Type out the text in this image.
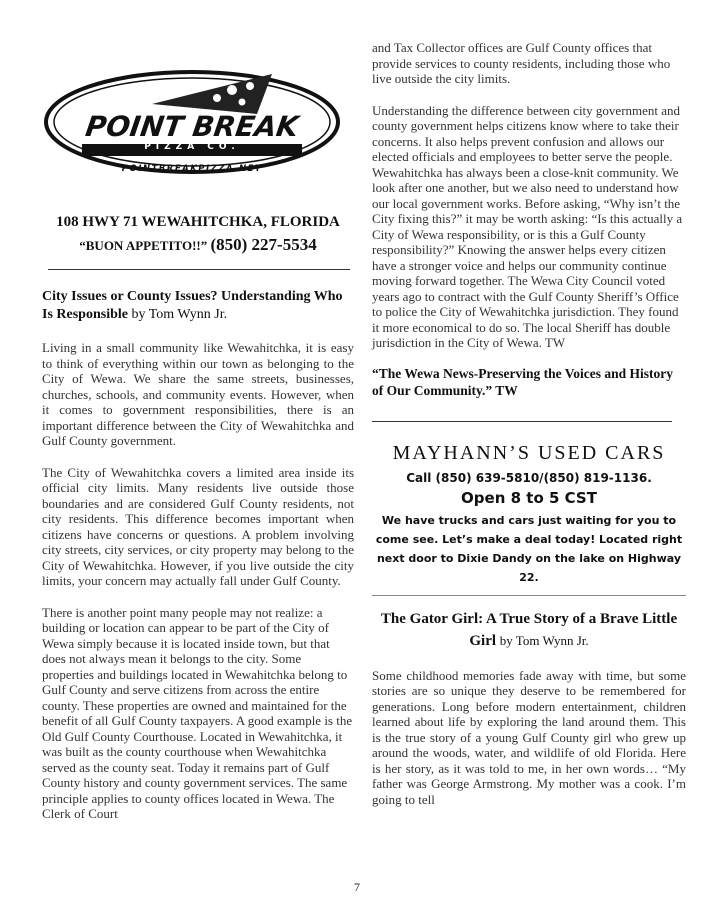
POINT BREAK
PIZZA CO.
POINTBREAKPIZZA.NET
108 HWY 71 WEWAHITCHKA, FLORIDA
“BUON APPETITO!!” (850) 227-5534
City Issues or County Issues? Understanding Who Is Responsible by Tom Wynn Jr.

Living in a small community like Wewahitchka, it is easy to think of everything within our town as belonging to the City of Wewa. We share the same streets, businesses, churches, schools, and community events. However, when it comes to government responsibilities, there is an important difference between the City of Wewahitchka and Gulf County government.

The City of Wewahitchka covers a limited area inside its official city limits. Many residents live outside those boundaries and are considered Gulf County residents, not city residents. This difference becomes important when citizens have concerns or questions. A problem involving city streets, city services, or city property may belong to the City of Wewahitchka. However, if you live outside the city limits, your concern may actually fall under Gulf County.

There is another point many people may not realize: a building or location can appear to be part of the City of Wewa simply because it is located inside town, but that does not always mean it belongs to the city. Some properties and buildings located in Wewahitchka belong to Gulf County and serve citizens from across the entire county. These properties are owned and maintained for the benefit of all Gulf County taxpayers. A good example is the Old Gulf County Courthouse. Located in Wewahitchka, it was built as the county courthouse when Wewahitchka served as the county seat. Today it remains part of Gulf County history and county government services. The same principle applies to county offices located in Wewa. The Clerk of Court

and Tax Collector offices are Gulf County offices that provide services to county residents, including those who live outside the city limits.

Understanding the difference between city government and county government helps citizens know where to take their concerns. It also helps prevent confusion and allows our elected officials and employees to better serve the people. Wewahitchka has always been a close-knit community. We look after one another, but we also need to understand how our local government works. Before asking, “Why isn’t the City fixing this?” it may be worth asking: “Is this actually a City of Wewa responsibility, or is this a Gulf County responsibility?” Knowing the answer helps every citizen have a stronger voice and helps our community continue moving forward together. The Wewa City Council voted years ago to contract with the Gulf County Sheriff’s Office to police the City of Wewahitchka jurisdiction. They found it more economical to do so. The local Sheriff has double jurisdiction in the City of Wewa. TW

“The Wewa News-Preserving the Voices and History of Our Community.” TW
MAYHANN’S USED CARS
Call (850) 639-5810/(850) 819-1136.
Open 8 to 5 CST
We have trucks and cars just waiting for you to come see. Let’s make a deal today! Located right next door to Dixie Dandy on the lake on Highway 22.
The Gator Girl: A True Story of a Brave Little Girl by Tom Wynn Jr.

Some childhood memories fade away with time, but some stories are so unique they deserve to be remembered for generations. Long before modern entertainment, children learned about life by exploring the land around them. This is the true story of a young Gulf County girl who grew up around the woods, water, and wildlife of old Florida. Here is her story, as it was told to me, in her own words… “My father was George Armstrong. My mother was a cook. I’m going to tell

7
